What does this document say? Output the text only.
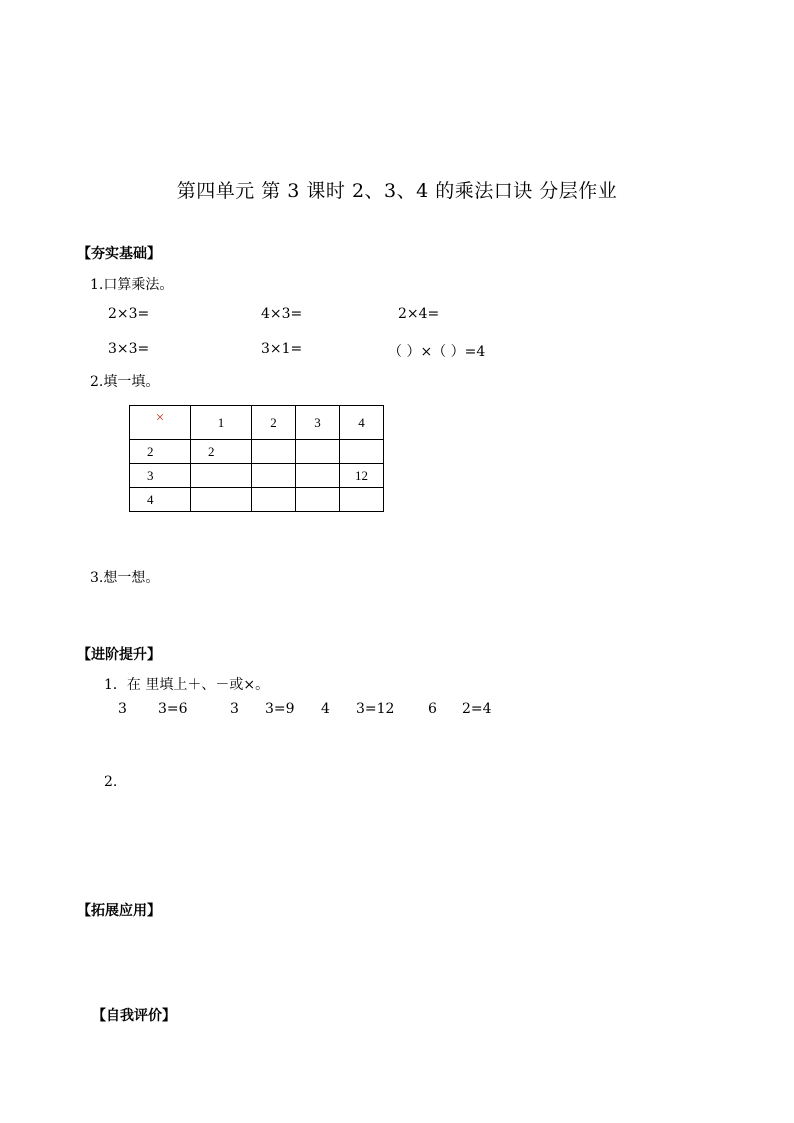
第四单元 第 3 课时 2、3、4 的乘法口诀 分层作业
【夯实基础】
1.口算乘法。
2×3=	4×3=	2×4=
3×3=	3×1=	（ ）×（ ）=4
2.填一填。
×	1	2	3	4
2	2			
3				12
4				
3.想一想。
【进阶提升】
1．在 里填上＋、－或×。
3 3=6	3 3=9 4 3=12 6 2=4
2.
【拓展应用】
【自我评价】
